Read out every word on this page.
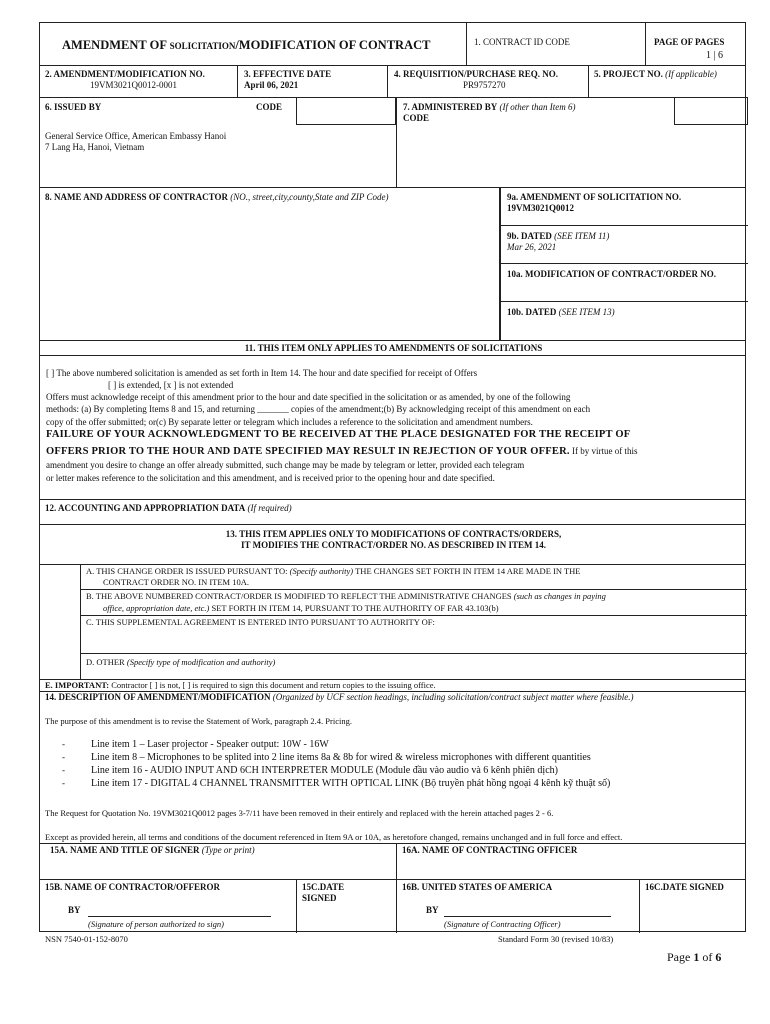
AMENDMENT OF SOLICITATION/MODIFICATION OF CONTRACT	1. CONTRACT ID CODE	PAGE OF PAGES
1 | 6
2. AMENDMENT/MODIFICATION NO.
19VM3021Q0012-0001
3. EFFECTIVE DATE
April 06, 2021
4. REQUISITION/PURCHASE REQ. NO.
PR9757270
5. PROJECT NO. (If applicable)
6. ISSUED BY	CODE
General Service Office, American Embassy Hanoi
7 Lang Ha, Hanoi, Vietnam
7. ADMINISTERED BY (If other than Item 6)
CODE
8. NAME AND ADDRESS OF CONTRACTOR (NO., street,city,county,State and ZIP Code)	9a. AMENDMENT OF SOLICITATION NO.
19VM3021Q0012
9b. DATED (SEE ITEM 11)
Mar 26, 2021
10a. MODIFICATION OF CONTRACT/ORDER NO.
10b. DATED (SEE ITEM 13)
11. THIS ITEM ONLY APPLIES TO AMENDMENTS OF SOLICITATIONS
[ ] The above numbered solicitation is amended as set forth in Item 14. The hour and date specified for receipt of Offers
[ ] is extended, [x ] is not extended
Offers must acknowledge receipt of this amendment prior to the hour and date specified in the solicitation or as amended, by one of the following
methods: (a) By completing Items 8 and 15, and returning _______ copies of the amendment;(b) By acknowledging receipt of this amendment on each
copy of the offer submitted; or(c) By separate letter or telegram which includes a reference to the solicitation and amendment numbers.
FAILURE OF YOUR ACKNOWLEDGMENT TO BE RECEIVED AT THE PLACE DESIGNATED FOR THE RECEIPT OF
OFFERS PRIOR TO THE HOUR AND DATE SPECIFIED MAY RESULT IN REJECTION OF YOUR OFFER. If by virtue of this
amendment you desire to change an offer already submitted, such change may be made by telegram or letter, provided each telegram
or letter makes reference to the solicitation and this amendment, and is received prior to the opening hour and date specified.
12. ACCOUNTING AND APPROPRIATION DATA (If required)
13. THIS ITEM APPLIES ONLY TO MODIFICATIONS OF CONTRACTS/ORDERS,
IT MODIFIES THE CONTRACT/ORDER NO. AS DESCRIBED IN ITEM 14.
A. THIS CHANGE ORDER IS ISSUED PURSUANT TO: (Specify authority) THE CHANGES SET FORTH IN ITEM 14 ARE MADE IN THE
CONTRACT ORDER NO. IN ITEM 10A.
B. THE ABOVE NUMBERED CONTRACT/ORDER IS MODIFIED TO REFLECT THE ADMINISTRATIVE CHANGES (such as changes in paying
office, appropriation date, etc.) SET FORTH IN ITEM 14, PURSUANT TO THE AUTHORITY OF FAR 43.103(b)
C. THIS SUPPLEMENTAL AGREEMENT IS ENTERED INTO PURSUANT TO AUTHORITY OF:
D. OTHER (Specify type of modification and authority)
E. IMPORTANT: Contractor [ ] is not, [ ] is required to sign this document and return copies to the issuing office.
14. DESCRIPTION OF AMENDMENT/MODIFICATION (Organized by UCF section headings, including solicitation/contract subject matter where feasible.)
The purpose of this amendment is to revise the Statement of Work, paragraph 2.4. Pricing.
-	Line item 1 – Laser projector - Speaker output: 10W - 16W
-	Line item 8 – Microphones to be splited into 2 line items 8a & 8b for wired & wireless microphones with different quantities
-	Line item 16 - AUDIO INPUT AND 6CH INTERPRETER MODULE (Module đầu vào audio và 6 kênh phiên dịch)
-	Line item 17 - DIGITAL 4 CHANNEL TRANSMITTER WITH OPTICAL LINK (Bộ truyền phát hồng ngoại 4 kênh kỹ thuật số)
The Request for Quotation No. 19VM3021Q0012 pages 3-7/11 have been removed in their entirely and replaced with the herein attached pages 2 - 6.
Except as provided herein, all terms and conditions of the document referenced in Item 9A or 10A, as heretofore changed, remains unchanged and in full force and effect.
15A. NAME AND TITLE OF SIGNER (Type or print)	16A. NAME OF CONTRACTING OFFICER
15B. NAME OF CONTRACTOR/OFFEROR	15C.DATE
SIGNED
16B. UNITED STATES OF AMERICA	16C.DATE SIGNED
BY
(Signature of person authorized to sign)
BY
(Signature of Contracting Officer)
NSN 7540-01-152-8070	Standard Form 30 (revised 10/83)
Page 1 of 6
